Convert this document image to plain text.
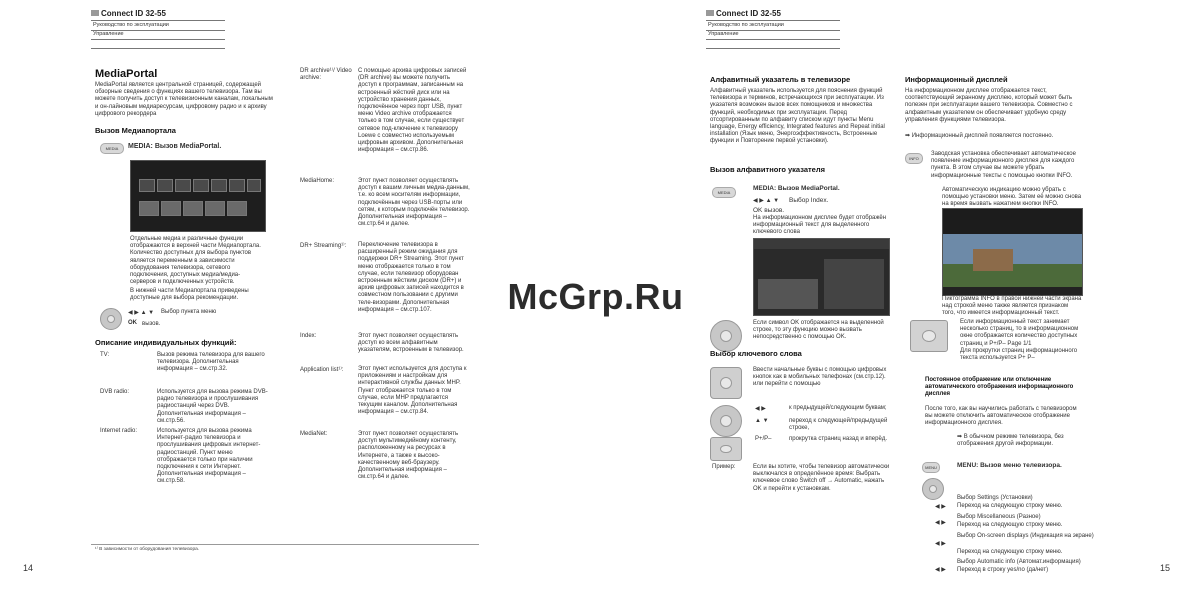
Connect ID 32-55
Руководство по эксплуатации
Управление
MediaPortal
MediaPortal является центральной страницей, содержащей обзорные сведения о функциях вашего телевизора. Там вы можете получить доступ к телевизионным каналам, локальным и он-лайновым медиаресурсам, цифровому радио и к архиву цифрового рекордера
Вызов Медиапортала
MEDIA	MEDIA: Вызов MediaPortal.
Отдельные медиа и различные функции отображаются в верхней части Медиапортала. Количество доступных для выбора пунктов является переменным в зависимости оборудования телевизора, сетевого подключения, доступных медиа/медиа-серверов и подключенных устройств.
В нижней части Медиапортала приведены доступные для выбора рекомендации.
◀ ▶ ▲ ▼ Выбор пункта меню
OK вызов.
Описание индивидуальных функций:
TV:	Вызов режима телевизора для вашего телевизора. Дополнительная информация – см.стр.32.
DVB radio:	Используется для вызова режима DVB-радио телевизора и прослушивания радиостанций через DVB. Дополнительная информация – см.стр.56.
Internet radio:	Используется для вызова режима Интернет-радио телевизора и прослушивания цифровых интернет-радиостанций. Пункт меню отображается только при наличии подключения к сети Интернет. Дополнительная информация – см.стр.58.
DR archive¹⁾/ Video archive:
С помощью архива цифровых записей (DR archive) вы можете получить доступ к программам, записанным на встроенный жёсткий диск или на устройство хранения данных, подключённое через порт USB, пункт меню Video archive отображается только в том случае, если существует сетевое под-ключение к телевизору Loewe с совместно используемым цифровым архивом. Дополнительная информация – см.стр.86.
MediaHome:	Этот пункт позволяет осуществлять доступ к вашим личным медиа-данным, т.е. ко всем носителям информации, подключённым через USB-порты или сетям, к которым подключён телевизор. Дополнительная информация – см.стр.64 и далее.
DR+ Streaming¹⁾: Переключение телевизора в расширенный режим ожидания для поддержки DR+ Streaming. Этот пункт меню отображается только в том случае, если телевизор оборудован встроенным жёстким диском (DR+) и архив цифровых записей находится в совместном пользовании с другими теле-визорами. Дополнительная информация – см.стр.107.
Index:	Этот пункт позволяет осуществлять доступ ко всем алфавитным указателям, встроенным в телевизор.
Application list¹⁾: Этот пункт используется для доступа к приложениям и настройкам для интерактивной службы данных MHP. Пункт отображается только в том случае, если MHP предлагается текущим каналом. Дополнительная информация – см.стр.84.
MediaNet:	Этот пункт позволяет осуществлять доступ мультимедийному контенту, расположенному на ресурсах в Интернете, а также к высоко-качественному веб-браузеру. Дополнительная информация – см.стр.64 и далее.
¹⁾ В зависимости от оборудования телевизора.
14
Connect ID 32-55
Руководство по эксплуатации
Управление
Алфавитный указатель в телевизоре
Алфавитный указатель используется для пояснения функций телевизора и терминов, встречающихся при эксплуатации. Из указателя возможен вызов всех помощников и множества функций, необходимых при эксплуатации. Перед отсортированным по алфавиту списком идут пункты Menu language, Energy efficiency, Integrated features and Repeat initial installation (Язык меню, Энергоэффективность, Встроенные функции и Повторение первой установки).
Вызов алфавитного указателя
MEDIA
MEDIA: Вызов MediaPortal.
◀ ▶ ▲ ▼ Выбор Index.
OK вызов.
На информационном дисплее будет отображён информационный текст для выделенного ключевого слова
Если символ OK отображается на выделенной строке, то эту функцию можно вызвать непосредственно с помощью OK.
Выбор ключевого слова
Ввести начальные буквы с помощью цифровых кнопок как в мобильных телефонах (см.стр.12). или перейти с помощью
◀ ▶	к предыдущей/следующим буквам;
▲ ▼	переход к следующей/предыдущей строке,
P+/P–	прокрутка страниц назад и вперёд.
Пример:	Если вы хотите, чтобы телевизор автоматически выключался в определённое время: Выбрать ключевое слово Switch off → Automatic, нажать OK и перейти к установкам.
Информационный дисплей
На информационном дисплее отображается текст, соответствующий экранному дисплею, который может быть полезен при эксплуатации вашего телевизора. Совместно с алфавитным указателем он обеспечивает удобную среду управления функциями телевизора.
➡ Информационный дисплей появляется постоянно.
INFO
Заводская установка обеспечивает автоматическое появление информационного дисплея для каждого пункта. В этом случае вы можете убрать информационные тексты с помощью кнопки INFO.
Автоматическую индикацию можно убрать с помощью установки меню. Затем её можно снова на время вызвать нажатием кнопки INFO.
Пиктограмма INFO в правой нижней части экрана над строкой меню также является признаком того, что имеется информационный текст.
Если информационный текст занимает несколько страниц, то в информационном окне отображается количество доступных страниц и P+/P– Page 1/1
Для прокрутки страниц информационного текста используется P+ P–
Постоянное отображение или отключение автоматического отображения информационного дисплея
После того, как вы научились работать с телевизором вы можете отключить автоматическое отображение информационного дисплея.
➡ В обычном режиме телевизора, без отображения другой информации.
MENU	MENU: Вызов меню телевизора.
◀ ▶
Выбор Settings (Установки)
Переход на следующую строку меню.
◀ ▶
Выбор Miscellaneous (Разное)
Переход на следующую строку меню.
◀ ▶
Выбор On-screen displays (Индикация на экране)
Переход на следующую строку меню.
◀ ▶
Выбор Automatic info (Автомат.информация)
Переход в строку yes/no (да/нет)	15
McGrp.Ru
